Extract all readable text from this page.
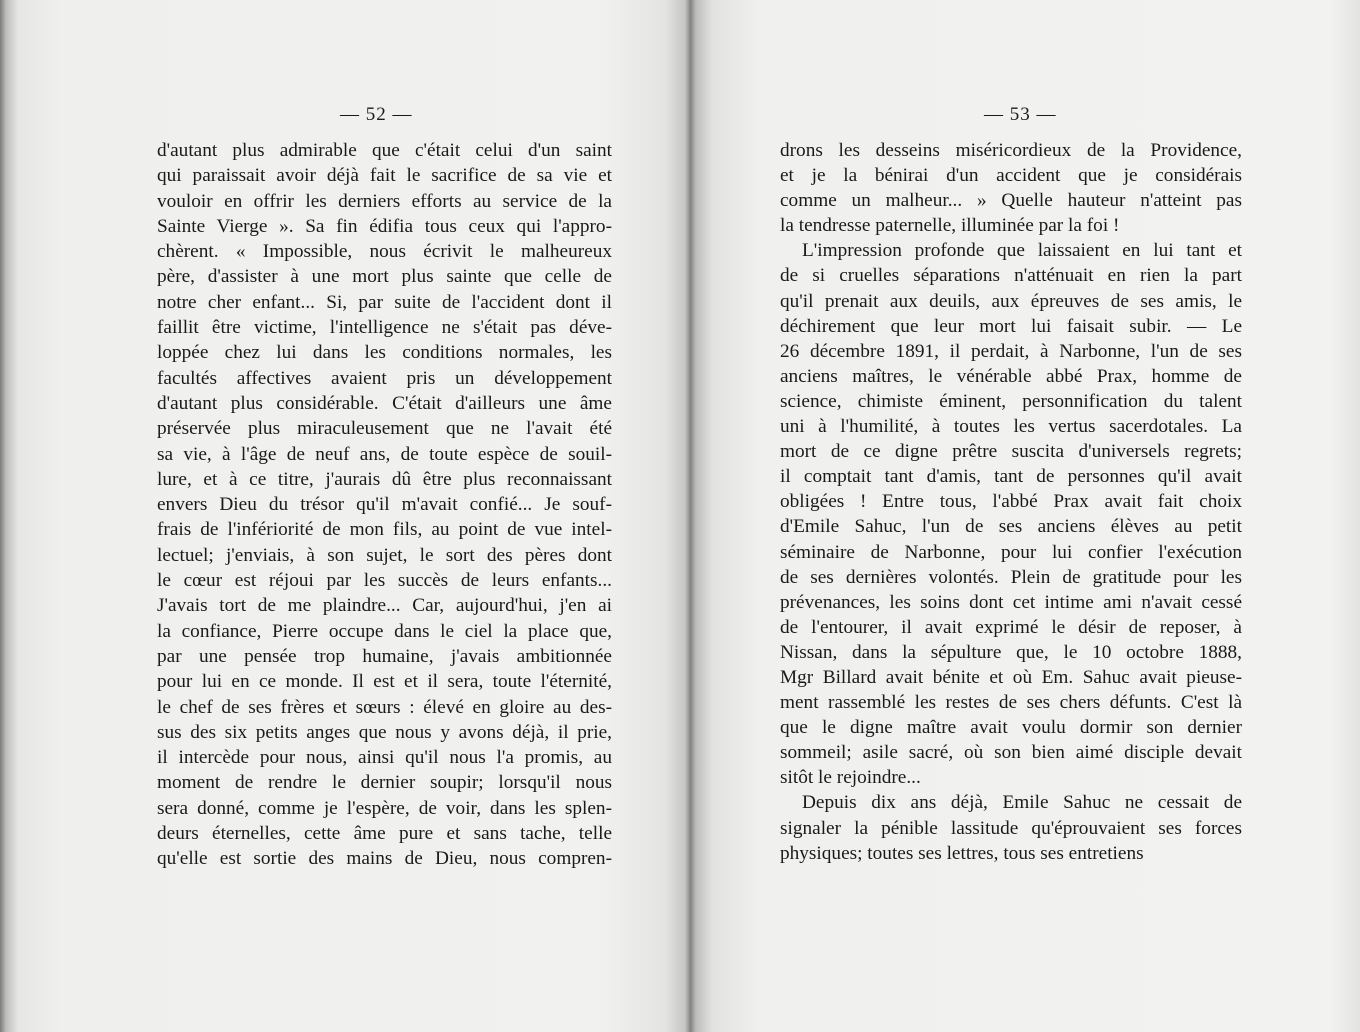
— 52 —
d'autant plus admirable que c'était celui d'un saint
qui paraissait avoir déjà fait le sacrifice de sa vie et
vouloir en offrir les derniers efforts au service de la
Sainte Vierge ». Sa fin édifia tous ceux qui l'appro-
chèrent. « Impossible, nous écrivit le malheureux
père, d'assister à une mort plus sainte que celle de
notre cher enfant... Si, par suite de l'accident dont il
faillit être victime, l'intelligence ne s'était pas déve-
loppée chez lui dans les conditions normales, les
facultés affectives avaient pris un développement
d'autant plus considérable. C'était d'ailleurs une âme
préservée plus miraculeusement que ne l'avait été
sa vie, à l'âge de neuf ans, de toute espèce de souil-
lure, et à ce titre, j'aurais dû être plus reconnaissant
envers Dieu du trésor qu'il m'avait confié... Je souf-
frais de l'infériorité de mon fils, au point de vue intel-
lectuel; j'enviais, à son sujet, le sort des pères dont
le cœur est réjoui par les succès de leurs enfants...
J'avais tort de me plaindre... Car, aujourd'hui, j'en ai
la confiance, Pierre occupe dans le ciel la place que,
par une pensée trop humaine, j'avais ambitionnée
pour lui en ce monde. Il est et il sera, toute l'éternité,
le chef de ses frères et sœurs : élevé en gloire au des-
sus des six petits anges que nous y avons déjà, il prie,
il intercède pour nous, ainsi qu'il nous l'a promis, au
moment de rendre le dernier soupir; lorsqu'il nous
sera donné, comme je l'espère, de voir, dans les splen-
deurs éternelles, cette âme pure et sans tache, telle
qu'elle est sortie des mains de Dieu, nous compren-
— 53 —
drons les desseins miséricordieux de la Providence,
et je la bénirai d'un accident que je considérais
comme un malheur... » Quelle hauteur n'atteint pas
la tendresse paternelle, illuminée par la foi !
L'impression profonde que laissaient en lui tant et
de si cruelles séparations n'atténuait en rien la part
qu'il prenait aux deuils, aux épreuves de ses amis, le
déchirement que leur mort lui faisait subir. — Le
26 décembre 1891, il perdait, à Narbonne, l'un de ses
anciens maîtres, le vénérable abbé Prax, homme de
science, chimiste éminent, personnification du talent
uni à l'humilité, à toutes les vertus sacerdotales. La
mort de ce digne prêtre suscita d'universels regrets;
il comptait tant d'amis, tant de personnes qu'il avait
obligées ! Entre tous, l'abbé Prax avait fait choix
d'Emile Sahuc, l'un de ses anciens élèves au petit
séminaire de Narbonne, pour lui confier l'exécution
de ses dernières volontés. Plein de gratitude pour les
prévenances, les soins dont cet intime ami n'avait cessé
de l'entourer, il avait exprimé le désir de reposer, à
Nissan, dans la sépulture que, le 10 octobre 1888,
Mgr Billard avait bénite et où Em. Sahuc avait pieuse-
ment rassemblé les restes de ses chers défunts. C'est là
que le digne maître avait voulu dormir son dernier
sommeil; asile sacré, où son bien aimé disciple devait
sitôt le rejoindre...
Depuis dix ans déjà, Emile Sahuc ne cessait de
signaler la pénible lassitude qu'éprouvaient ses forces
physiques; toutes ses lettres, tous ses entretiens
